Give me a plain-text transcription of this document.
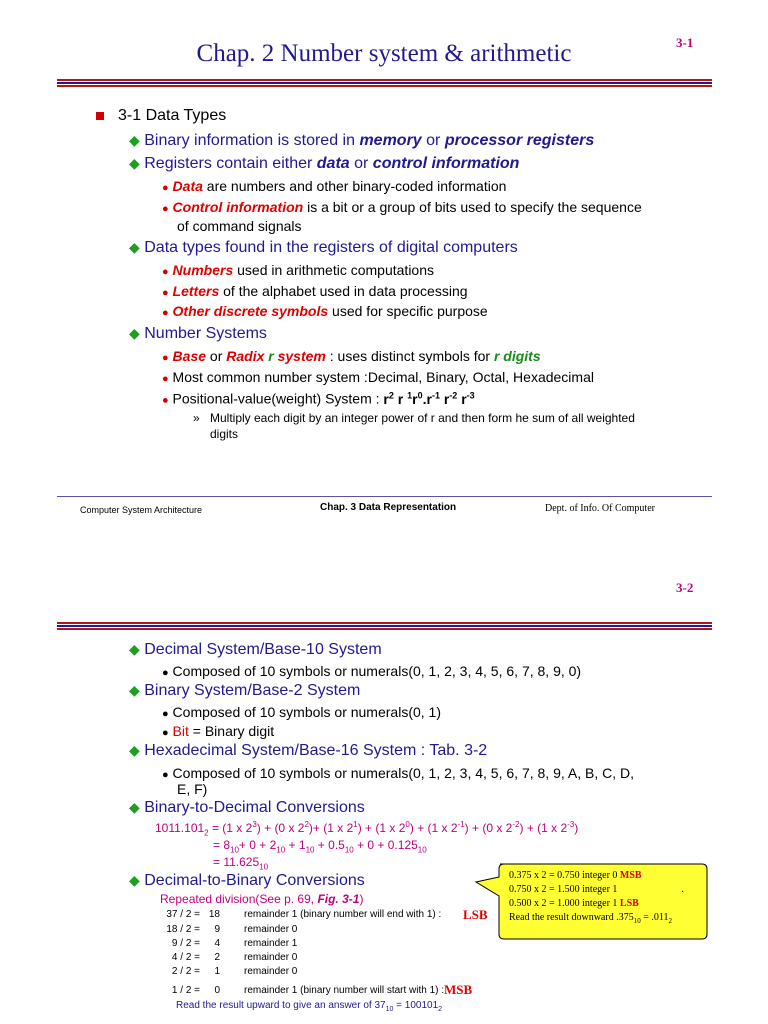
Chap. 2 Number system & arithmetic	3-1
3-1 Data Types
◆ Binary information is stored in memory or processor registers
◆ Registers contain either data or control information
● Data are numbers and other binary-coded information
● Control information is a bit or a group of bits used to specify the sequence
of command signals
◆ Data types found in the registers of digital computers
● Numbers used in arithmetic computations
● Letters of the alphabet used in data processing
● Other discrete symbols used for specific purpose
◆ Number Systems
● Base or Radix r system : uses distinct symbols for r digits
● Most common number system :Decimal, Binary, Octal, Hexadecimal
● Positional-value(weight) System : $r^2$ r $^1r^0.r^{-1}$ $r^{-2}$ $r^{-3}$
» Multiply each digit by an integer power of r and then form he sum of all weighted
digits
Computer System Architecture	Chap. 3 Data Representation	Dept. of Info. Of Computer
3-2
◆ Decimal System/Base-10 System
● Composed of 10 symbols or numerals(0, 1, 2, 3, 4, 5, 6, 7, 8, 9, 0)
◆ Binary System/Base-2 System
● Composed of 10 symbols or numerals(0, 1)
● Bit = Binary digit
◆ Hexadecimal System/Base-16 System : Tab. 3-2
● Composed of 10 symbols or numerals(0, 1, 2, 3, 4, 5, 6, 7, 8, 9, A, B, C, D,
E, F)
◆ Binary-to-Decimal Conversions
$1011.101_2 = (1$ x $2^3) + (0$ x $2^2)+ (1$ x $2^1) + (1$ x $2^0) + (1$ x $2^{-1}) + (0$ x $2^{-2}) + (1$ x $2^{-3}$)
= $8_{10}+ 0 + 2_{10} + 1_{10} + 0.5_{10} + 0 + 0.125_{10}$
= $11.625_{10}$
◆ Decimal-to-Binary Conversions
Repeated division(See p. 69, Fig. 3-1)
37 / 2 = 18 remainder 1 (binary number will end with 1) : LSB
18 / 2 =	9 remainder 0
9 / 2 =	4 remainder 1
4 / 2 =	2 remainder 0
2 / 2 =	1 remainder 0
1 / 2 =	0 remainder 1 (binary number will start with 1) : MSB
Read the result upward to give an answer of $37_{10} = 100101_2$
0.375 x 2 = 0.750 integer 0 MSB
0.750 x 2 = 1.500 integer 1	.
0.500 x 2 = 1.000 integer 1 LSB
Read the result downward $.375_{10} = .011_2$
